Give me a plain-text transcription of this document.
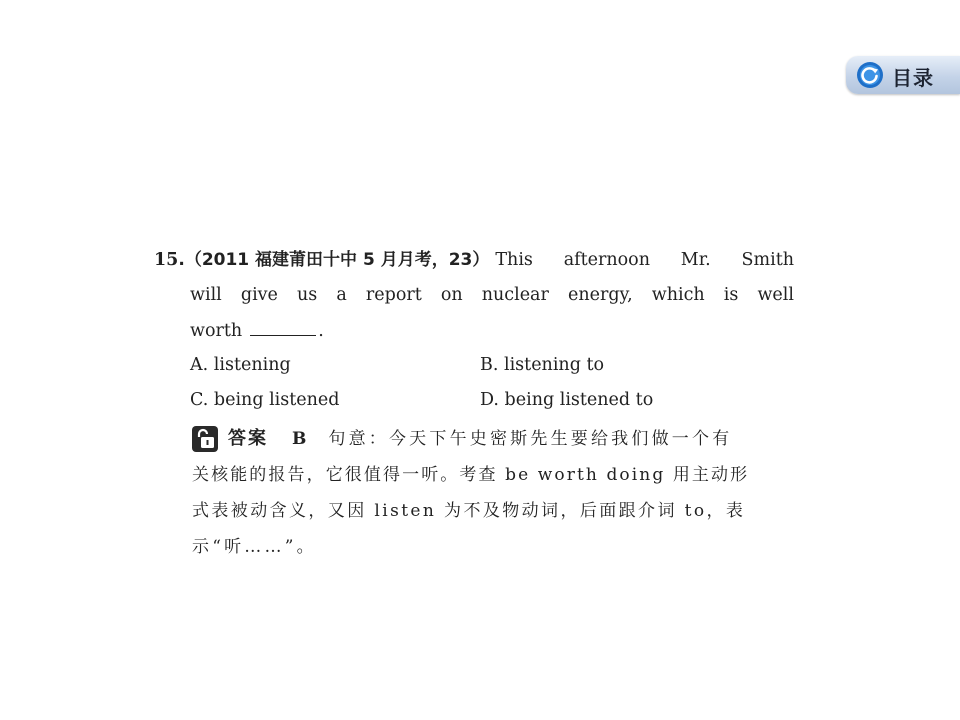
目录
15 .（2011 福建莆田十中 5 月月考，23） This afternoon Mr. Smith
will give us a report on nuclear energy, which is well
worth	.
A. listening	B. listening to
C. being listened	D. being listened to
答案 B 句意：今天下午史密斯先生要给我们做一个有
关核能的报告，它很值得一听。考查 be worth doing 用主动形
式表被动含义，又因 listen 为不及物动词，后面跟介词 to，表
示“听……”。
